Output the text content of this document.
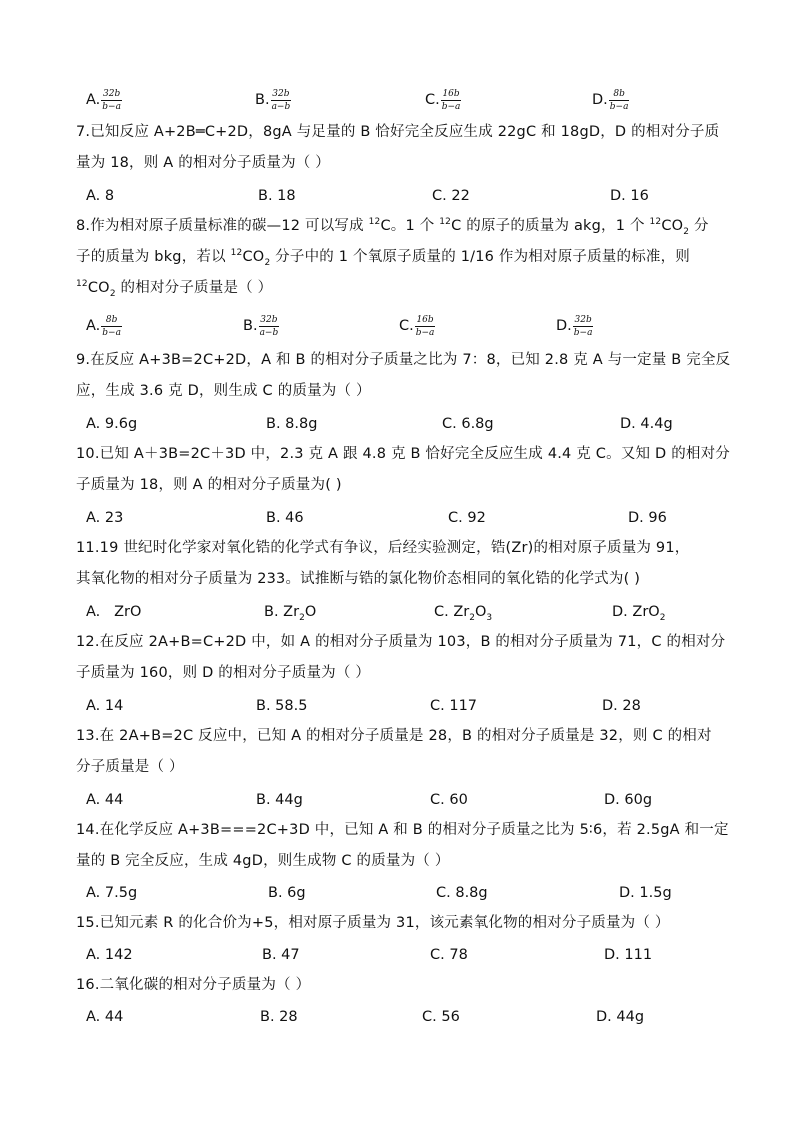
A. $\frac{32b}{b-a}$	B. $\frac{32b}{a-b}$	C. $\frac{16b}{b-a}$	D. $\frac{8b}{b-a}$

7.已知反应 A+2B═C+2D，8gA 与足量的 B 恰好完全反应生成 22gC 和 18gD，D 的相对分子质

量为 18，则 A 的相对分子质量为（ ）

A. 8	B. 18	C. 22	D. 16

8.作为相对原子质量标准的碳—12 可以写成 $^{12}$C。1 个 $^{12}$C 的原子的质量为 akg，1 个 $^{12}CO_2$ 分

子的质量为 bkg，若以 $^{12}CO_2$ 分子中的 1 个氧原子质量的 1/16 作为相对原子质量的标准，则

$^{12}CO_2$ 的相对分子质量是（ ）

A. $\frac{8b}{b-a}$	B. $\frac{32b}{a-b}$	C. $\frac{16b}{b-a}$	D. $\frac{32b}{b-a}$

9.在反应 A+3B=2C+2D，A 和 B 的相对分子质量之比为 7：8，已知 2.8 克 A 与一定量 B 完全反

应，生成 3.6 克 D，则生成 C 的质量为（ ）

A. 9.6g	B. 8.8g	C. 6.8g	D. 4.4g

10.已知 A＋3B=2C＋3D 中，2.3 克 A 跟 4.8 克 B 恰好完全反应生成 4.4 克 C。又知 D 的相对分

子质量为 18，则 A 的相对分子质量为( )

A. 23	B. 46	C. 92	D. 96

11.19 世纪时化学家对氧化锆的化学式有争议，后经实验测定，锆(Zr)的相对原子质量为 91，

其氧化物的相对分子质量为 233。试推断与锆的氯化物价态相同的氧化锆的化学式为( )

A. ZrO	B. $Zr_2O$	C. $Zr_2O_3$	D. ZrO$_2$

12.在反应 2A+B=C+2D 中，如 A 的相对分子质量为 103，B 的相对分子质量为 71，C 的相对分

子质量为 160，则 D 的相对分子质量为（ ）

A. 14	B. 58.5	C. 117	D. 28

13.在 2A+B=2C 反应中，已知 A 的相对分子质量是 28，B 的相对分子质量是 32，则 C 的相对

分子质量是（ ）

A. 44	B. 44g	C. 60	D. 60g

14.在化学反应 A+3B===2C+3D 中，已知 A 和 B 的相对分子质量之比为 5∶6，若 2.5gA 和一定

量的 B 完全反应，生成 4gD，则生成物 C 的质量为（ ）

A. 7.5g	B. 6g	C. 8.8g	D. 1.5g

15.已知元素 R 的化合价为+5，相对原子质量为 31，该元素氧化物的相对分子质量为（ ）

A. 142	B. 47	C. 78	D. 111

16.二氧化碳的相对分子质量为（ ）

A. 44	B. 28	C. 56	D. 44g
